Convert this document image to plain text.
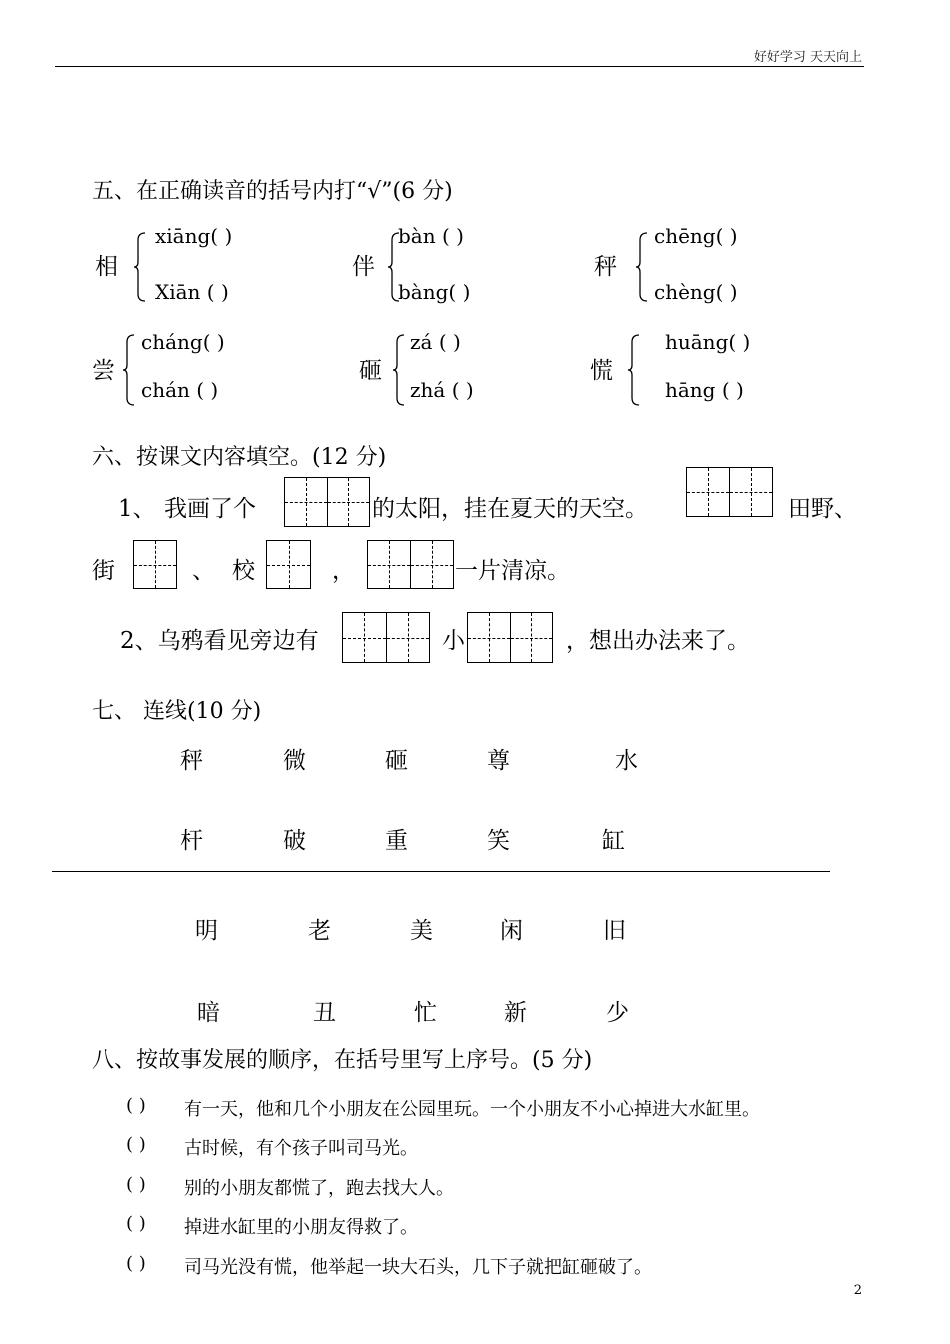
好好学习 天天向上
五、在正确读音的括号内打“√”(6 分)
相
xiāng( )
Xiān ( )
伴
bàn ( )
bàng( )
秤
chēng( )
chèng( )
尝
cháng( )
chán ( )
砸
zá ( )
zhá ( )
慌
huāng( )
hāng ( )
六、按课文内容填空。(12 分)
1、 我画了个	的太阳，挂在夏天的天空。	田野、
街	、 校	，	一片清凉。
2、乌鸦看见旁边有	小	，想出办法来了。
七、 连线(10 分)
秤	微	砸	尊	水
杆	破	重	笑	缸
明	老	美	闲	旧
暗	丑	忙	新	少
八、按故事发展的顺序，在括号里写上序号。(5 分)
( ) 有一天，他和几个小朋友在公园里玩。一个小朋友不小心掉进大水缸里。
( ) 古时候，有个孩子叫司马光。
( ) 别的小朋友都慌了，跑去找大人。
( ) 掉进水缸里的小朋友得救了。
( ) 司马光没有慌，他举起一块大石头，几下子就把缸砸破了。
2
